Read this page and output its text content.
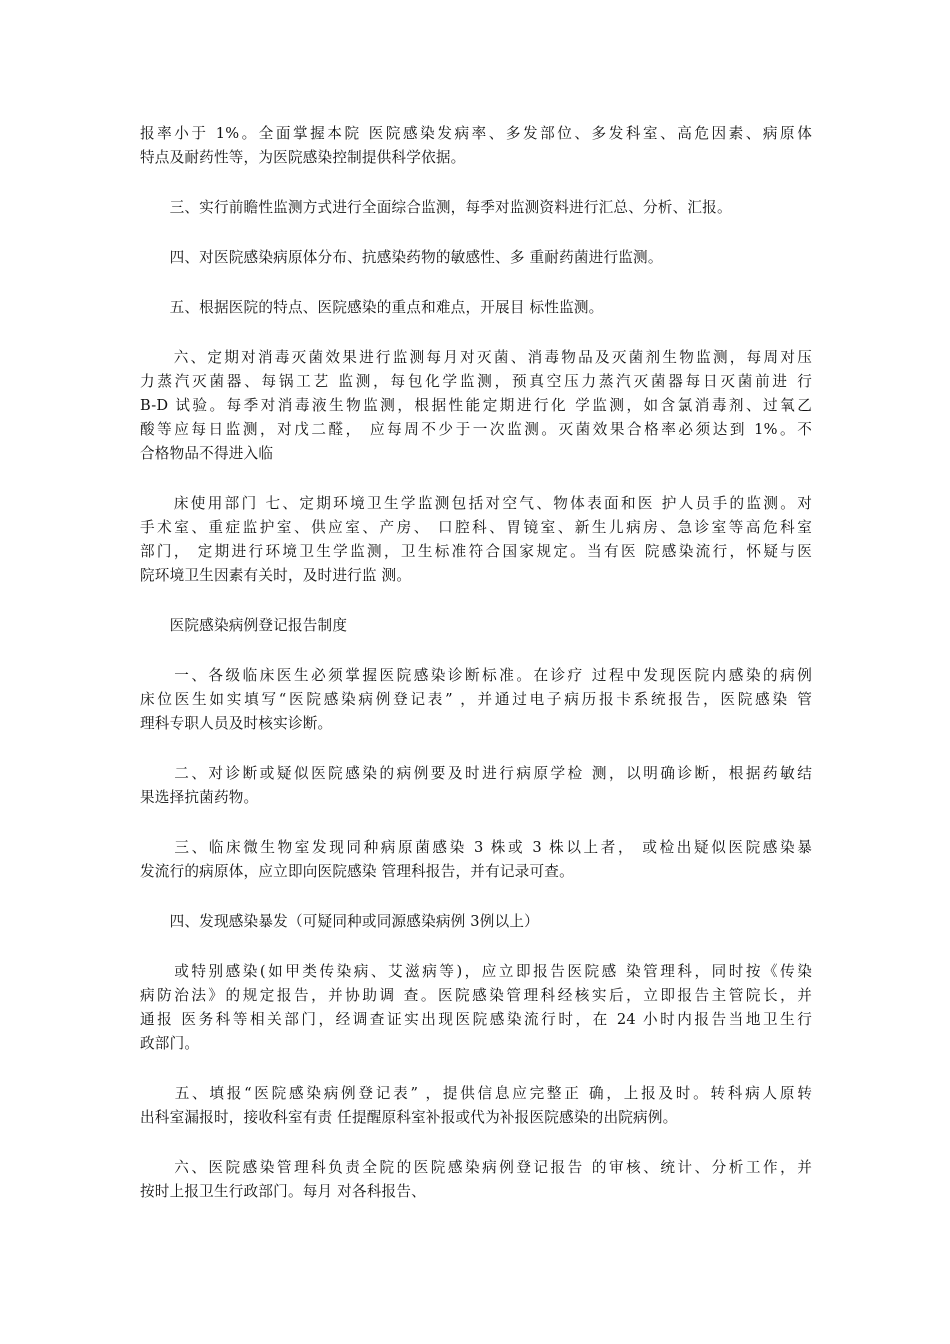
报率小于 1%。全面掌握本院 医院感染发病率、多发部位、多发科室、高危因素、病原体
特点及耐药性等，为医院感染控制提供科学依据。
　　三、实行前瞻性监测方式进行全面综合监测，每季对监测资料进行汇总、分析、汇报。
　　四、对医院感染病原体分布、抗感染药物的敏感性、多 重耐药菌进行监测。
　　五、根据医院的特点、医院感染的重点和难点，开展目 标性监测。
　　六、定期对消毒灭菌效果进行监测每月对灭菌、消毒物品及灭菌剂生物监测，每周对压
力蒸汽灭菌器、每锅工艺 监测，每包化学监测，预真空压力蒸汽灭菌器每日灭菌前进 行
B-D 试验。每季对消毒液生物监测，根据性能定期进行化 学监测，如含氯消毒剂、过氧乙
酸等应每日监测，对戊二醛， 应每周不少于一次监测。灭菌效果合格率必须达到 1%。不
合格物品不得进入临
　　床使用部门 七、定期环境卫生学监测包括对空气、物体表面和医 护人员手的监测。对
手术室、重症监护室、供应室、产房、 口腔科、胃镜室、新生儿病房、急诊室等高危科室
部门， 定期进行环境卫生学监测，卫生标准符合国家规定。当有医 院感染流行，怀疑与医
院环境卫生因素有关时，及时进行监 测。
　　医院感染病例登记报告制度
　　一、各级临床医生必须掌握医院感染诊断标准。在诊疗 过程中发现医院内感染的病例
床位医生如实填写“医院感染病例登记表” ，并通过电子病历报卡系统报告，医院感染 管
理科专职人员及时核实诊断。
　　二、对诊断或疑似医院感染的病例要及时进行病原学检 测，以明确诊断，根据药敏结
果选择抗菌药物。
　　三、临床微生物室发现同种病原菌感染 3 株或 3 株以上者， 或检出疑似医院感染暴
发流行的病原体，应立即向医院感染 管理科报告，并有记录可查。
　　四、发现感染暴发（可疑同种或同源感染病例 3例以上）
　　或特别感染(如甲类传染病、艾滋病等)，应立即报告医院感 染管理科，同时按《传染
病防治法》的规定报告，并协助调 查。医院感染管理科经核实后，立即报告主管院长，并
通报 医务科等相关部门，经调查证实出现医院感染流行时，在 24 小时内报告当地卫生行
政部门。
　　五、填报“医院感染病例登记表” ，提供信息应完整正 确，上报及时。转科病人原转
出科室漏报时，接收科室有责 任提醒原科室补报或代为补报医院感染的出院病例。
　　六、医院感染管理科负责全院的医院感染病例登记报告 的审核、统计、分析工作，并
按时上报卫生行政部门。每月 对各科报告、
